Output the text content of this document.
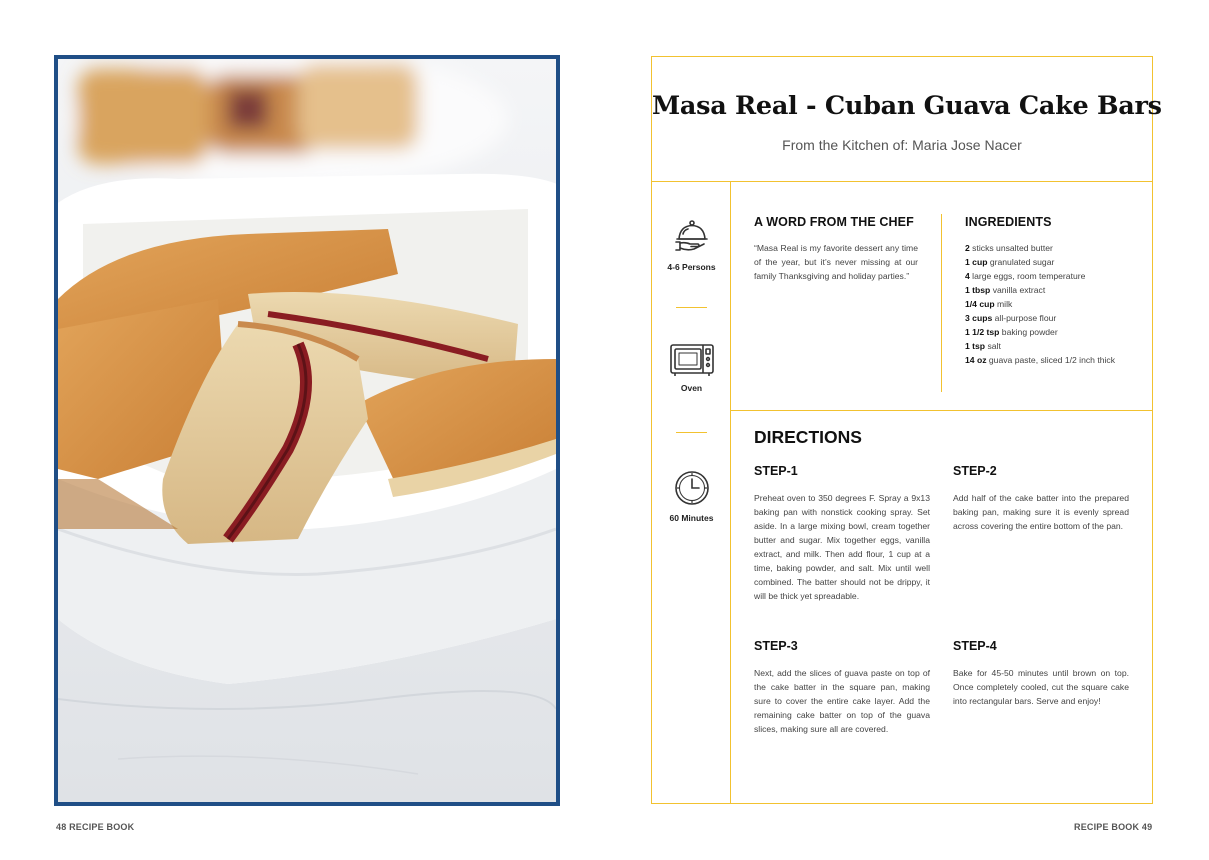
48 RECIPE BOOK	RECIPE BOOK 49
Masa Real - Cuban Guava Cake Bars
From the Kitchen of: Maria Jose Nacer
4-6 Persons
Oven
60 Minutes
A WORD FROM THE CHEF

“Masa Real is my favorite dessert any time of the year, but it’s never missing at our family Thanksgiving and holiday parties.”

INGREDIENTS
2 sticks unsalted butter
1 cup granulated sugar
4 large eggs, room temperature
1 tbsp vanilla extract
1/4 cup milk
3 cups all-purpose flour
1 1/2 tsp baking powder
1 tsp salt
14 oz guava paste, sliced 1/2 inch thick
DIRECTIONS
STEP-1

Preheat oven to 350 degrees F. Spray a 9x13 baking pan with nonstick cooking spray. Set aside. In a large mixing bowl, cream together butter and sugar. Mix together eggs, vanilla extract, and milk. Then add flour, 1 cup at a time, baking powder, and salt. Mix until well combined. The batter should not be drippy, it will be thick yet spreadable.

STEP-2

Add half of the cake batter into the prepared baking pan, making sure it is evenly spread across covering the entire bottom of the pan.

STEP-3

Next, add the slices of guava paste on top of the cake batter in the square pan, making sure to cover the entire cake layer. Add the remaining cake batter on top of the guava slices, making sure all are covered.

STEP-4

Bake for 45-50 minutes until brown on top. Once completely cooled, cut the square cake into rectangular bars. Serve and enjoy!
